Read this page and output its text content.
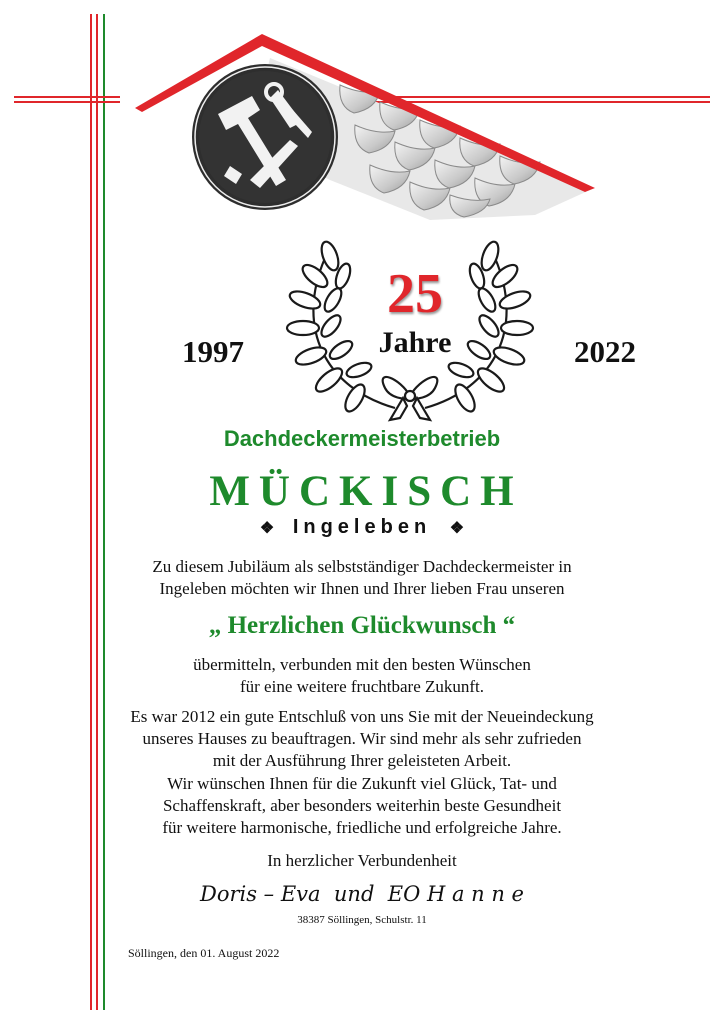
25
Jahre
1997	2022
Dachdeckermeisterbetrieb
MÜCKISCH
❖ Ingeleben ❖
Zu diesem Jubiläum als selbstständiger Dachdeckermeister in
Ingeleben möchten wir Ihnen und Ihrer lieben Frau unseren
„ Herzlichen Glückwunsch “
übermitteln, verbunden mit den besten Wünschen
für eine weitere fruchtbare Zukunft.
Es war 2012 ein gute Entschluß von uns Sie mit der Neueindeckung
unseres Hauses zu beauftragen. Wir sind mehr als sehr zufrieden
mit der Ausführung Ihrer geleisteten Arbeit.
Wir wünschen Ihnen für die Zukunft viel Glück, Tat- und
Schaffenskraft, aber besonders weiterhin beste Gesundheit
für weitere harmonische, friedliche und erfolgreiche Jahre.
In herzlicher Verbundenheit
Doris – Eva  und  EO H a n n e
38387 Söllingen, Schulstr. 11
Söllingen, den 01. August 2022
